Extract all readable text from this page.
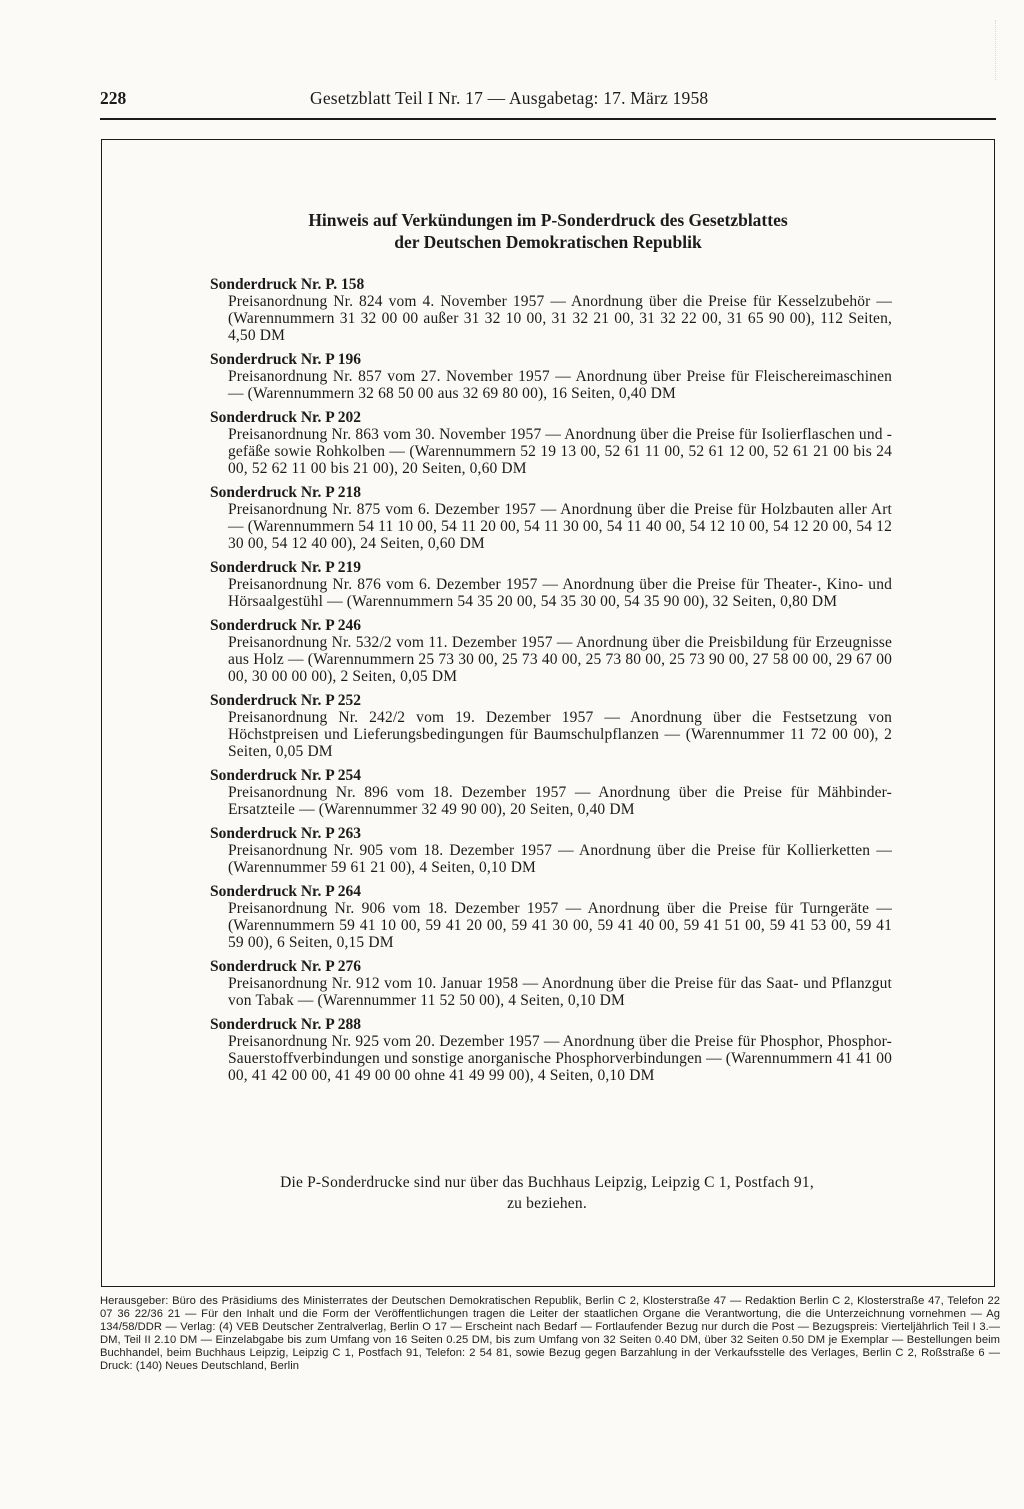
228	Gesetzblatt Teil I Nr. 17 — Ausgabetag: 17. März 1958
Hinweis auf Verkündungen im P-Sonderdruck des Gesetzblattes
der Deutschen Demokratischen Republik
Sonderdruck Nr. P. 158
Preisanordnung Nr. 824 vom 4. November 1957 — Anordnung über die Preise für Kesselzubehör — (Warennummern 31 32 00 00 außer 31 32 10 00, 31 32 21 00, 31 32 22 00, 31 65 90 00), 112 Seiten, 4,50 DM
Sonderdruck Nr. P 196
Preisanordnung Nr. 857 vom 27. November 1957 — Anordnung über Preise für Fleischereimaschinen — (Warennummern 32 68 50 00 aus 32 69 80 00), 16 Seiten, 0,40 DM
Sonderdruck Nr. P 202
Preisanordnung Nr. 863 vom 30. November 1957 — Anordnung über die Preise für Isolierflaschen und -gefäße sowie Rohkolben — (Warennummern 52 19 13 00, 52 61 11 00, 52 61 12 00, 52 61 21 00 bis 24 00, 52 62 11 00 bis 21 00), 20 Seiten, 0,60 DM
Sonderdruck Nr. P 218
Preisanordnung Nr. 875 vom 6. Dezember 1957 — Anordnung über die Preise für Holzbauten aller Art — (Warennummern 54 11 10 00, 54 11 20 00, 54 11 30 00, 54 11 40 00, 54 12 10 00, 54 12 20 00, 54 12 30 00, 54 12 40 00), 24 Seiten, 0,60 DM
Sonderdruck Nr. P 219
Preisanordnung Nr. 876 vom 6. Dezember 1957 — Anordnung über die Preise für Theater-, Kino- und Hörsaalgestühl — (Warennummern 54 35 20 00, 54 35 30 00, 54 35 90 00), 32 Seiten, 0,80 DM
Sonderdruck Nr. P 246
Preisanordnung Nr. 532/2 vom 11. Dezember 1957 — Anordnung über die Preisbildung für Erzeugnisse aus Holz — (Warennummern 25 73 30 00, 25 73 40 00, 25 73 80 00, 25 73 90 00, 27 58 00 00, 29 67 00 00, 30 00 00 00), 2 Seiten, 0,05 DM
Sonderdruck Nr. P 252
Preisanordnung Nr. 242/2 vom 19. Dezember 1957 — Anordnung über die Festsetzung von Höchstpreisen und Lieferungsbedingungen für Baumschulpflanzen — (Warennummer 11 72 00 00), 2 Seiten, 0,05 DM
Sonderdruck Nr. P 254
Preisanordnung Nr. 896 vom 18. Dezember 1957 — Anordnung über die Preise für Mähbinder-Ersatzteile — (Warennummer 32 49 90 00), 20 Seiten, 0,40 DM
Sonderdruck Nr. P 263
Preisanordnung Nr. 905 vom 18. Dezember 1957 — Anordnung über die Preise für Kollierketten — (Warennummer 59 61 21 00), 4 Seiten, 0,10 DM
Sonderdruck Nr. P 264
Preisanordnung Nr. 906 vom 18. Dezember 1957 — Anordnung über die Preise für Turngeräte — (Warennummern 59 41 10 00, 59 41 20 00, 59 41 30 00, 59 41 40 00, 59 41 51 00, 59 41 53 00, 59 41 59 00), 6 Seiten, 0,15 DM
Sonderdruck Nr. P 276
Preisanordnung Nr. 912 vom 10. Januar 1958 — Anordnung über die Preise für das Saat- und Pflanzgut von Tabak — (Warennummer 11 52 50 00), 4 Seiten, 0,10 DM
Sonderdruck Nr. P 288
Preisanordnung Nr. 925 vom 20. Dezember 1957 — Anordnung über die Preise für Phosphor, Phosphor-Sauerstoffverbindungen und sonstige anorganische Phosphorverbindungen — (Warennummern 41 41 00 00, 41 42 00 00, 41 49 00 00 ohne 41 49 99 00), 4 Seiten, 0,10 DM
Die P-Sonderdrucke sind nur über das Buchhaus Leipzig, Leipzig C 1, Postfach 91,
zu beziehen.
Herausgeber: Büro des Präsidiums des Ministerrates der Deutschen Demokratischen Republik, Berlin C 2, Klosterstraße 47 — Redaktion Berlin C 2, Klosterstraße 47, Telefon 22 07 36 22/36 21 — Für den Inhalt und die Form der Veröffentlichungen tragen die Leiter der staatlichen Organe die Verantwortung, die die Unterzeichnung vornehmen — Ag 134/58/DDR — Verlag: (4) VEB Deutscher Zentralverlag, Berlin O 17 — Erscheint nach Bedarf — Fortlaufender Bezug nur durch die Post — Bezugspreis: Vierteljährlich Teil I 3.— DM, Teil II 2.10 DM — Einzelabgabe bis zum Umfang von 16 Seiten 0.25 DM, bis zum Umfang von 32 Seiten 0.40 DM, über 32 Seiten 0.50 DM je Exemplar — Bestellungen beim Buchhandel, beim Buchhaus Leipzig, Leipzig C 1, Postfach 91, Telefon: 2 54 81, sowie Bezug gegen Barzahlung in der Verkaufsstelle des Verlages, Berlin C 2, Roßstraße 6 — Druck: (140) Neues Deutschland, Berlin
